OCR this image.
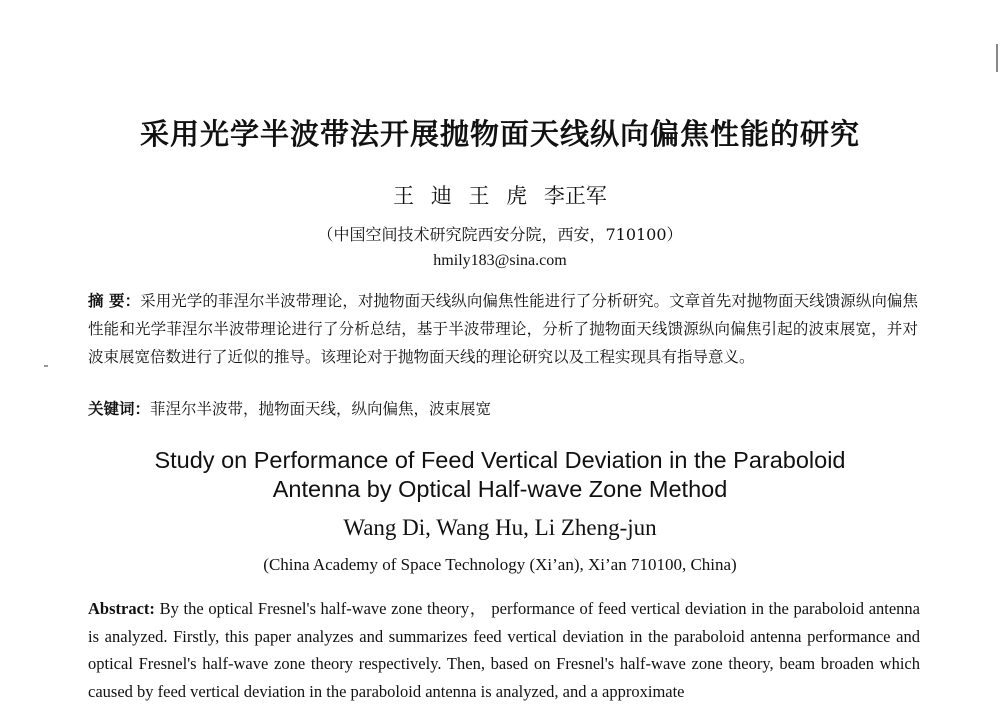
采用光学半波带法开展抛物面天线纵向偏焦性能的研究
王 迪 王 虎 李正军
（中国空间技术研究院西安分院，西安，710100）
hmily183@sina.com
摘 要：采用光学的菲涅尔半波带理论，对抛物面天线纵向偏焦性能进行了分析研究。文章首先对抛物面天线馈源纵向偏焦性能和光学菲涅尔半波带理论进行了分析总结，基于半波带理论，分析了抛物面天线馈源纵向偏焦引起的波束展宽，并对波束展宽倍数进行了近似的推导。该理论对于抛物面天线的理论研究以及工程实现具有指导意义。
关键词：菲涅尔半波带，抛物面天线，纵向偏焦，波束展宽
Study on Performance of Feed Vertical Deviation in the Paraboloid
Antenna by Optical Half-wave Zone Method
Wang Di, Wang Hu, Li Zheng-jun
(China Academy of Space Technology (Xi’an), Xi’an 710100, China)
Abstract: By the optical Fresnel's half-wave zone theory， performance of feed vertical deviation in the paraboloid antenna is analyzed. Firstly, this paper analyzes and summarizes feed vertical deviation in the paraboloid antenna performance and optical Fresnel's half-wave zone theory respectively. Then, based on Fresnel's half-wave zone theory, beam broaden which caused by feed vertical deviation in the paraboloid antenna is analyzed, and a approximate
